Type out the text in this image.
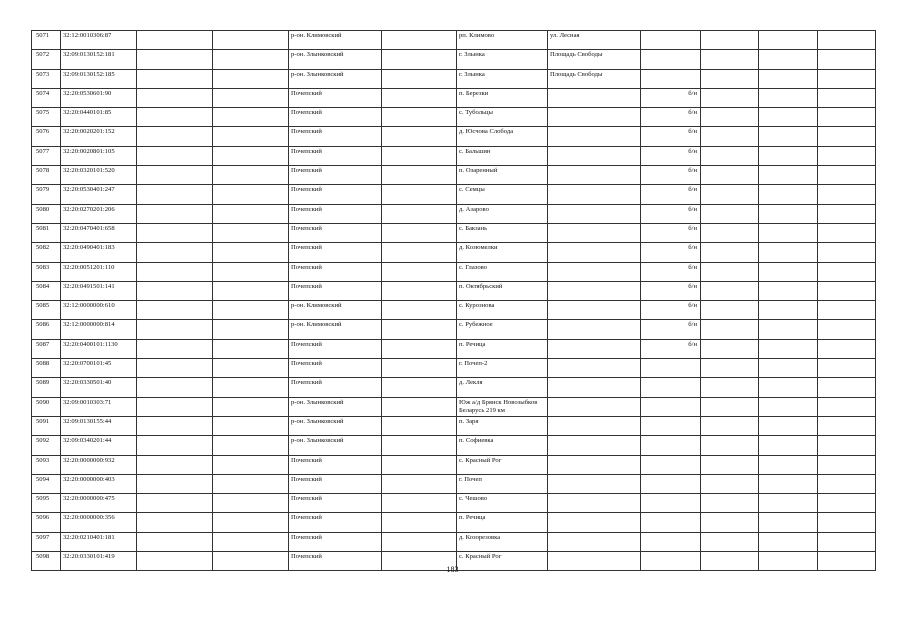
5071	32:12:0010306:87			р-он. Климовский		рп. Климово	ул. Лесная				
5072	32:09:0130152:181			р-он. Злынковский		г. Злынка	Площадь Свободы				
5073	32:09:0130152:185			р-он. Злынковский		г. Злынка	Площадь Свободы				
5074	32:20:0530601:90			Почепский		п. Березки		б/н			
5075	32:20:0440101:85			Почепский		с. Тубольцы		б/н			
5076	32:20:0020201:152			Почепский		д. Юсчова Слобода		б/н			
5077	32:20:0020801:105			Почепский		с. Бальшин		б/н			
5078	32:20:0320101:520			Почепский		п. Озаренный		б/н			
5079	32:20:0530401:247			Почепский		с. Семцы		б/н			
5080	32:20:0270201:206			Почепский		д. Азарово		б/н			
5081	32:20:0470401:658			Почепский		с. Бакзань		б/н			
5082	32:20:0490401:183			Почепский		д. Козюмелки		б/н			
5083	32:20:0051201:110			Почепский		с. Глазово		б/н			
5084	32:20:0491501:141			Почепский		п. Октябрьский		б/н			
5085	32:12:0000000:610			р-он. Климовский		с. Курознова		б/н			
5086	32:12:0000000:814			р-он. Климовский		с. Рубежное		б/н			
5087	32:20:0400101:1130			Почепский		п. Речица		б/н			
5088	32:20:0700101:45			Почепский		г. Почеп-2					
5089	32:20:0330501:40			Почепский		д. Лекля					
5090	32:09:0010303:71			р-он. Злынковский		Юж а/д Брянск Новозыбков Беларусь 219 км					
5091	32:09:0130155:44			р-он. Злынковский		п. Заря					
5092	32:09:0340201:44			р-он. Злынковский		п. Софиевка					
5093	32:20:0000000:932			Почепский		с. Красный Рог					
5094	32:20:0000000:403			Почепский		г. Почеп					
5095	32:20:0000000:475			Почепский		с. Чешово					
5096	32:20:0000000:356			Почепский		п. Речица					
5097	32:20:0210401:181			Почепский		д. Козорезовка					
5098	32:20:0330101:419			Почепский		с. Красный Рог					
183
